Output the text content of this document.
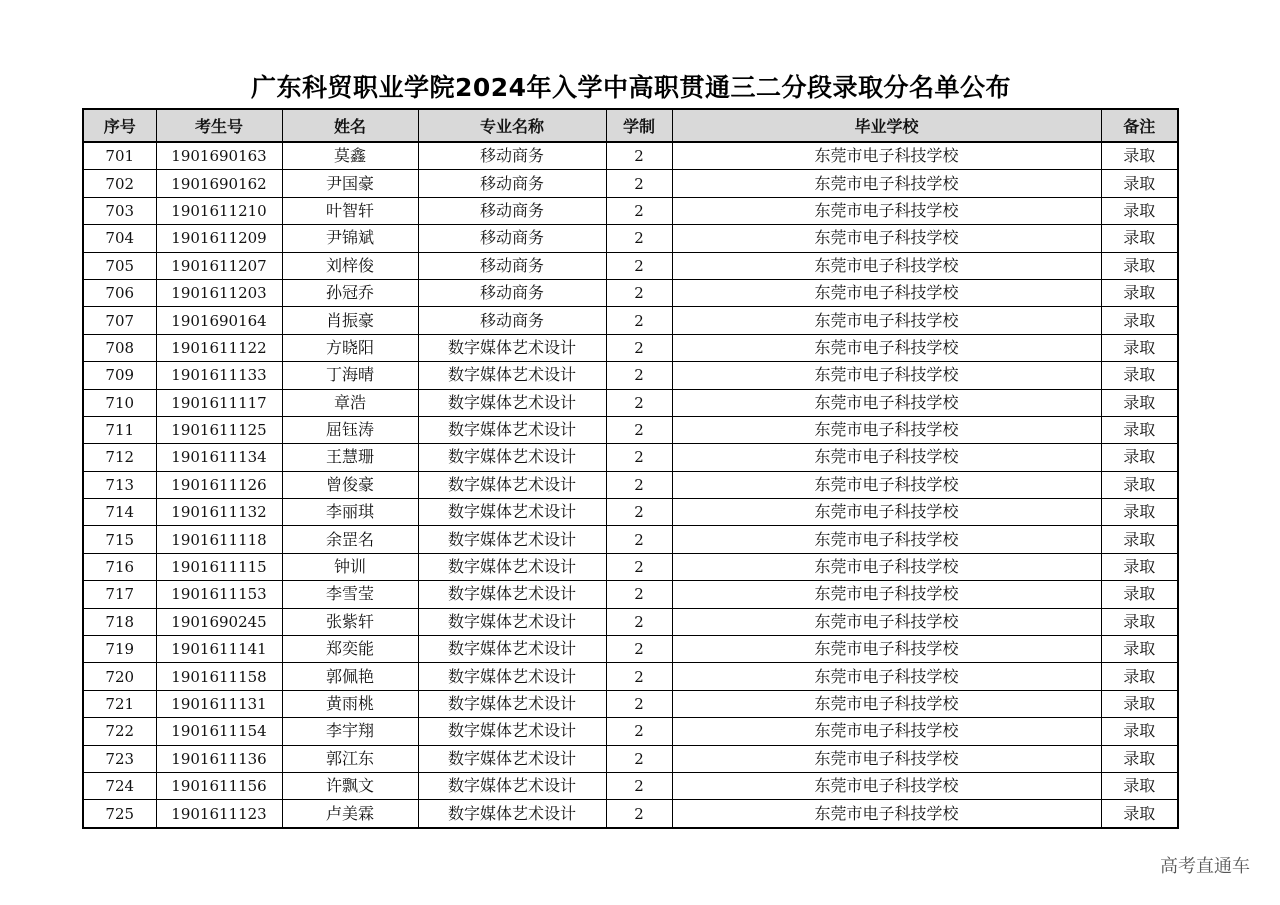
广东科贸职业学院2024年入学中高职贯通三二分段录取分名单公布
序号	考生号	姓名	专业名称	学制	毕业学校	备注
701	1901690163	莫鑫	移动商务	2	东莞市电子科技学校	录取
702	1901690162	尹国豪	移动商务	2	东莞市电子科技学校	录取
703	1901611210	叶智轩	移动商务	2	东莞市电子科技学校	录取
704	1901611209	尹锦斌	移动商务	2	东莞市电子科技学校	录取
705	1901611207	刘梓俊	移动商务	2	东莞市电子科技学校	录取
706	1901611203	孙冠乔	移动商务	2	东莞市电子科技学校	录取
707	1901690164	肖振豪	移动商务	2	东莞市电子科技学校	录取
708	1901611122	方晓阳	数字媒体艺术设计	2	东莞市电子科技学校	录取
709	1901611133	丁海晴	数字媒体艺术设计	2	东莞市电子科技学校	录取
710	1901611117	章浩	数字媒体艺术设计	2	东莞市电子科技学校	录取
711	1901611125	屈钰涛	数字媒体艺术设计	2	东莞市电子科技学校	录取
712	1901611134	王慧珊	数字媒体艺术设计	2	东莞市电子科技学校	录取
713	1901611126	曾俊豪	数字媒体艺术设计	2	东莞市电子科技学校	录取
714	1901611132	李丽琪	数字媒体艺术设计	2	东莞市电子科技学校	录取
715	1901611118	余罡名	数字媒体艺术设计	2	东莞市电子科技学校	录取
716	1901611115	钟训	数字媒体艺术设计	2	东莞市电子科技学校	录取
717	1901611153	李雪莹	数字媒体艺术设计	2	东莞市电子科技学校	录取
718	1901690245	张紫轩	数字媒体艺术设计	2	东莞市电子科技学校	录取
719	1901611141	郑奕能	数字媒体艺术设计	2	东莞市电子科技学校	录取
720	1901611158	郭佩艳	数字媒体艺术设计	2	东莞市电子科技学校	录取
721	1901611131	黄雨桃	数字媒体艺术设计	2	东莞市电子科技学校	录取
722	1901611154	李宇翔	数字媒体艺术设计	2	东莞市电子科技学校	录取
723	1901611136	郭江东	数字媒体艺术设计	2	东莞市电子科技学校	录取
724	1901611156	许飘文	数字媒体艺术设计	2	东莞市电子科技学校	录取
725	1901611123	卢美霖	数字媒体艺术设计	2	东莞市电子科技学校	录取
高考直通车
